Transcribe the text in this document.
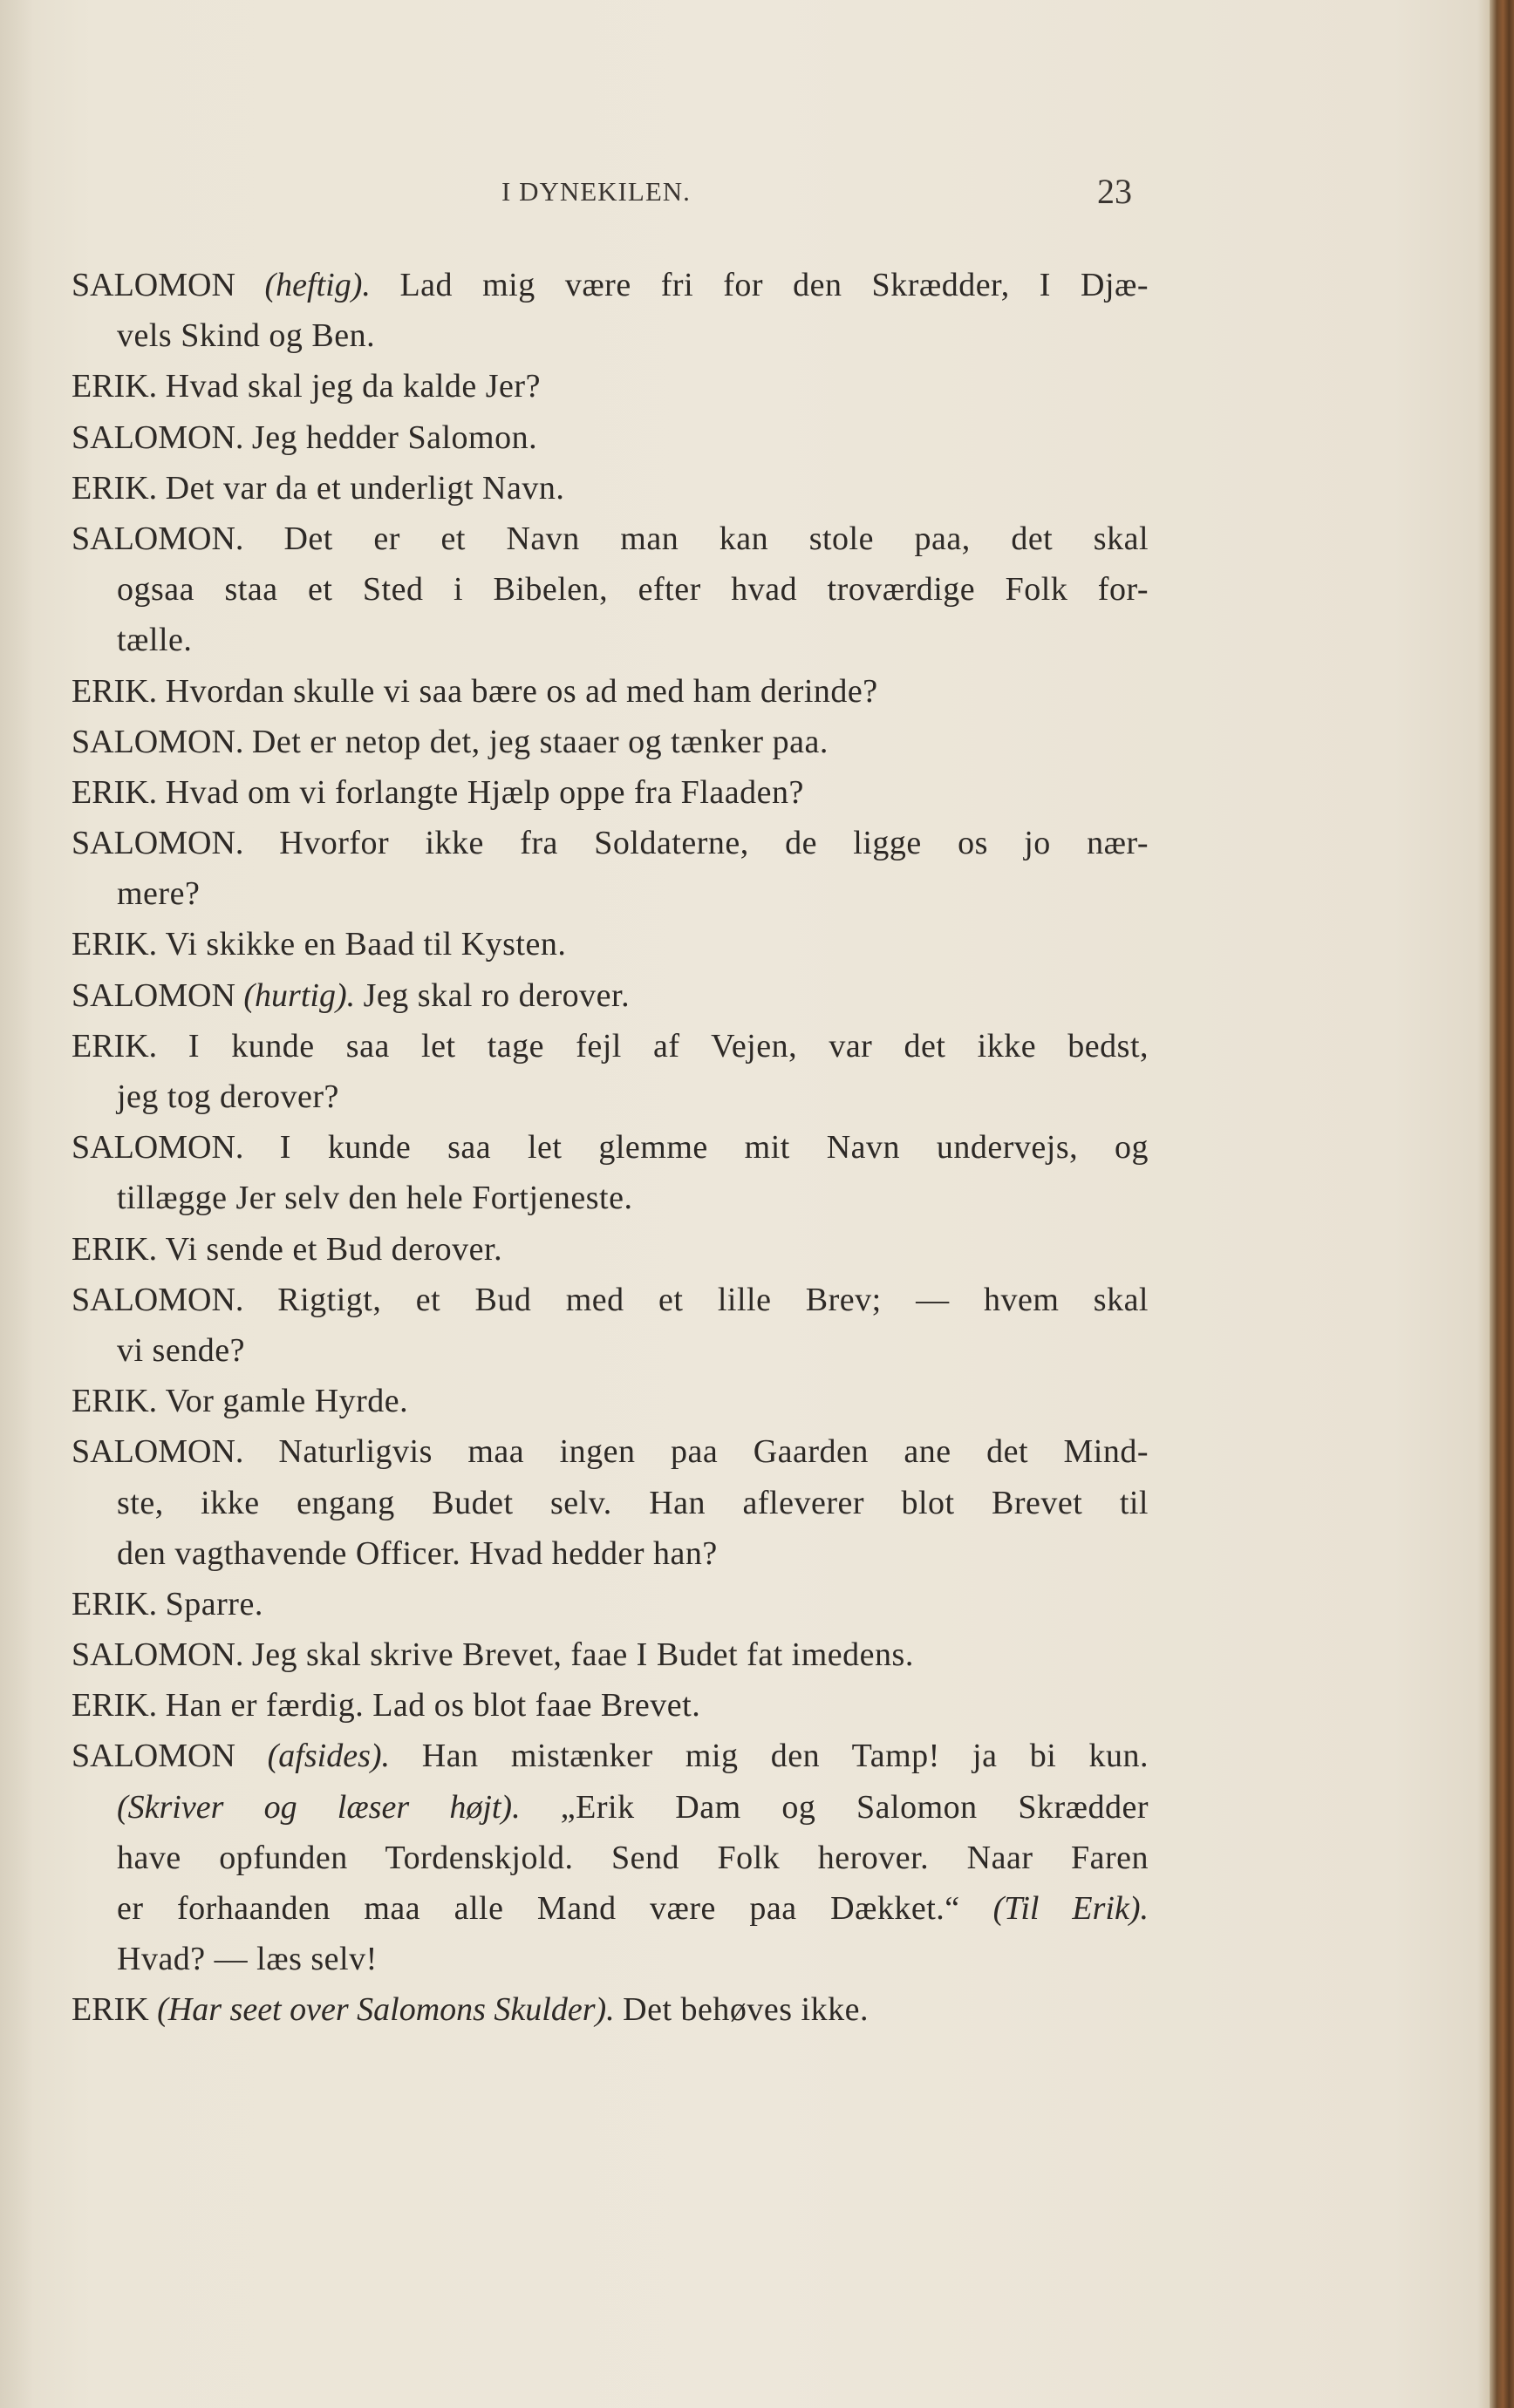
I DYNEKILEN.	23
SALOMON (heftig). Lad mig være fri for den Skrædder, I Djæ-
vels Skind og Ben.
ERIK. Hvad skal jeg da kalde Jer?
SALOMON. Jeg hedder Salomon.
ERIK. Det var da et underligt Navn.
SALOMON. Det er et Navn man kan stole paa, det skal
ogsaa staa et Sted i Bibelen, efter hvad troværdige Folk for-
tælle.
ERIK. Hvordan skulle vi saa bære os ad med ham derinde?
SALOMON. Det er netop det, jeg staaer og tænker paa.
ERIK. Hvad om vi forlangte Hjælp oppe fra Flaaden?
SALOMON. Hvorfor ikke fra Soldaterne, de ligge os jo nær-
mere?
ERIK. Vi skikke en Baad til Kysten.
SALOMON (hurtig). Jeg skal ro derover.
ERIK. I kunde saa let tage fejl af Vejen, var det ikke bedst,
jeg tog derover?
SALOMON. I kunde saa let glemme mit Navn undervejs, og
tillægge Jer selv den hele Fortjeneste.
ERIK. Vi sende et Bud derover.
SALOMON. Rigtigt, et Bud med et lille Brev; — hvem skal
vi sende?
ERIK. Vor gamle Hyrde.
SALOMON. Naturligvis maa ingen paa Gaarden ane det Mind-
ste, ikke engang Budet selv. Han afleverer blot Brevet til
den vagthavende Officer. Hvad hedder han?
ERIK. Sparre.
SALOMON. Jeg skal skrive Brevet, faae I Budet fat imedens.
ERIK. Han er færdig. Lad os blot faae Brevet.
SALOMON (afsides). Han mistænker mig den Tamp! ja bi kun.
(Skriver og læser højt). „Erik Dam og Salomon Skrædder
have opfunden Tordenskjold. Send Folk herover. Naar Faren
er forhaanden maa alle Mand være paa Dækket.“ (Til Erik).
Hvad? — læs selv!
ERIK (Har seet over Salomons Skulder). Det behøves ikke.
